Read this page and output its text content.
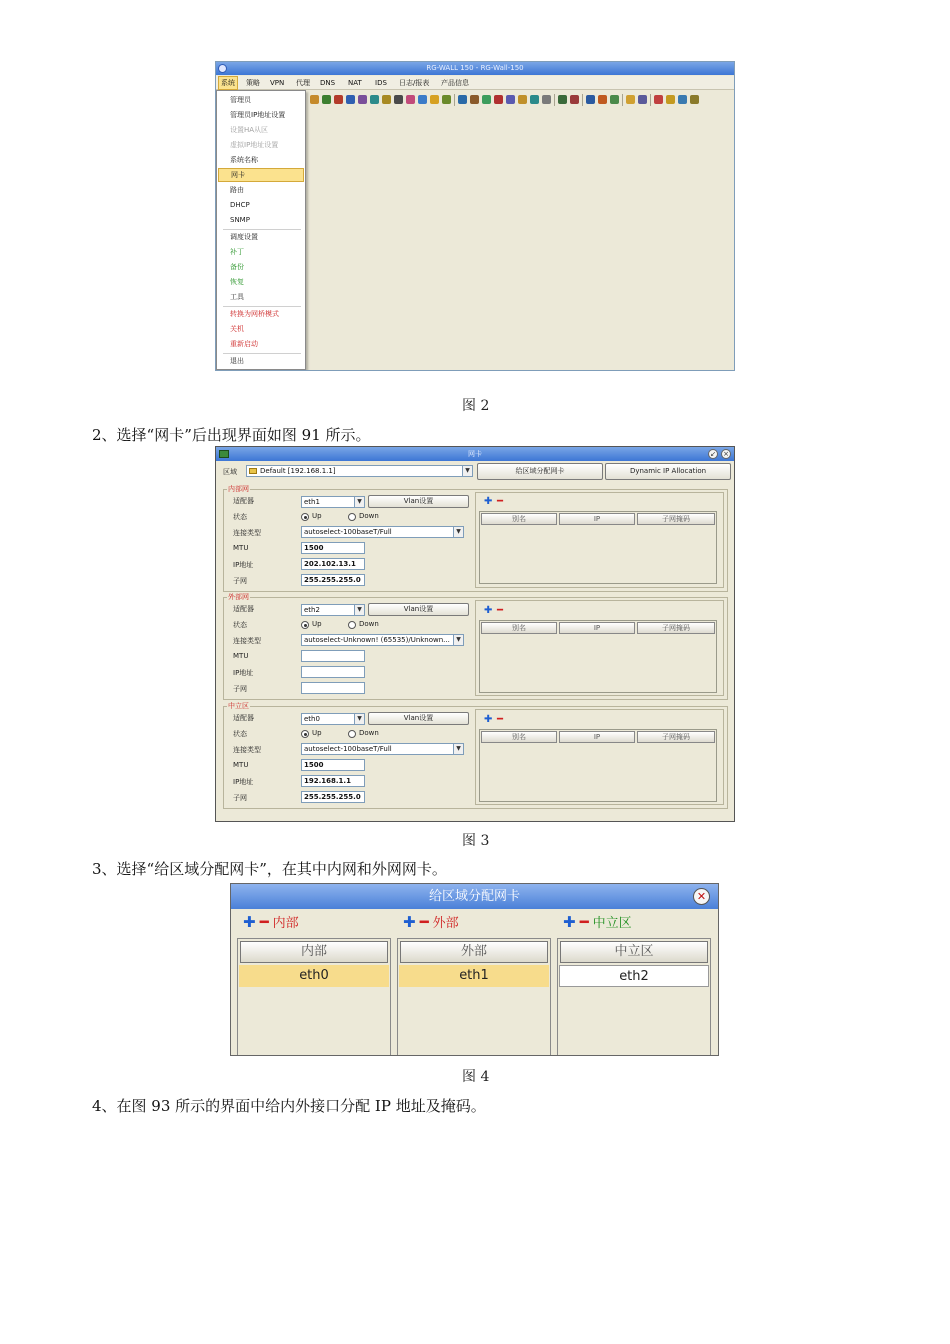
RG-WALL 150 - RG-Wall-150
系统	策略 VPN 代理 DNS NAT IDS 日志/报表 产品信息
管理员
管理员IP地址设置
设置HA从区
虚拟IP地址设置
系统名称
网卡
路由
DHCP
SNMP
调度设置
补丁
备份
恢复
工具
转换为网桥模式
关机
重新启动
退出
图 2
2、选择“网卡”后出现界面如图 91 所示。
网卡	↙ ×
区域	Default [192.168.1.1]	▼	给区域分配网卡	Dynamic IP Allocation
内部网
适配器	eth1	▼	Vlan设置
状态	Up	Down
连接类型	autoselect-100baseT/Full	▼
MTU	1500
IP地址	202.102.13.1
子网	255.255.255.0
✚ ━
别名	IP	子网掩码
外部网
适配器	eth2	▼	Vlan设置
状态	Up	Down
连接类型	autoselect-Unknown! (65535)/Unknown...	▼
MTU
IP地址
子网
✚ ━
别名	IP	子网掩码
中立区
适配器	eth0	▼	Vlan设置
状态	Up	Down
连接类型	autoselect-100baseT/Full	▼
MTU	1500
IP地址	192.168.1.1
子网	255.255.255.0
✚ ━
别名	IP	子网掩码
图 3
3、选择“给区域分配网卡”，在其中内网和外网网卡。
给区域分配网卡	✕
✚ ━ 内部	✚ ━ 外部	✚ ━ 中立区
内部
eth0
外部
eth1
中立区
eth2
图 4
4、在图 93 所示的界面中给内外接口分配 IP 地址及掩码。
